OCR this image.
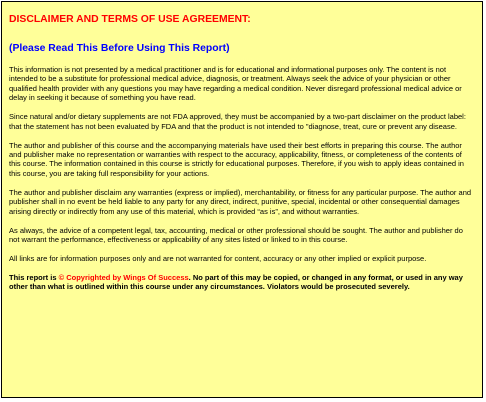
DISCLAIMER AND TERMS OF USE AGREEMENT:
(Please Read This Before Using This Report)

This information is not presented by a medical practitioner and is for educational and informational purposes only. The content is not intended to be a substitute for professional medical advice, diagnosis, or treatment. Always seek the advice of your physician or other qualified health provider with any questions you may have regarding a medical condition. Never disregard professional medical advice or delay in seeking it because of something you have read.

Since natural and/or dietary supplements are not FDA approved, they must be accompanied by a two-part disclaimer on the product label: that the statement has not been evaluated by FDA and that the product is not intended to "diagnose, treat, cure or prevent any disease.

The author and publisher of this course and the accompanying materials have used their best efforts in preparing this course. The author and publisher make no representation or warranties with respect to the accuracy, applicability, fitness, or completeness of the contents of this course. The information contained in this course is strictly for educational purposes. Therefore, if you wish to apply ideas contained in this course, you are taking full responsibility for your actions.

The author and publisher disclaim any warranties (express or implied), merchantability, or fitness for any particular purpose. The author and publisher shall in no event be held liable to any party for any direct, indirect, punitive, special, incidental or other consequential damages arising directly or indirectly from any use of this material, which is provided “as is”, and without warranties.

As always, the advice of a competent legal, tax, accounting, medical or other professional should be sought. The author and publisher do not warrant the performance, effectiveness or applicability of any sites listed or linked to in this course.

All links are for information purposes only and are not warranted for content, accuracy or any other implied or explicit purpose.

This report is © Copyrighted by Wings Of Success. No part of this may be copied, or changed in any format, or used in any way other than what is outlined within this course under any circumstances. Violators would be prosecuted severely.
